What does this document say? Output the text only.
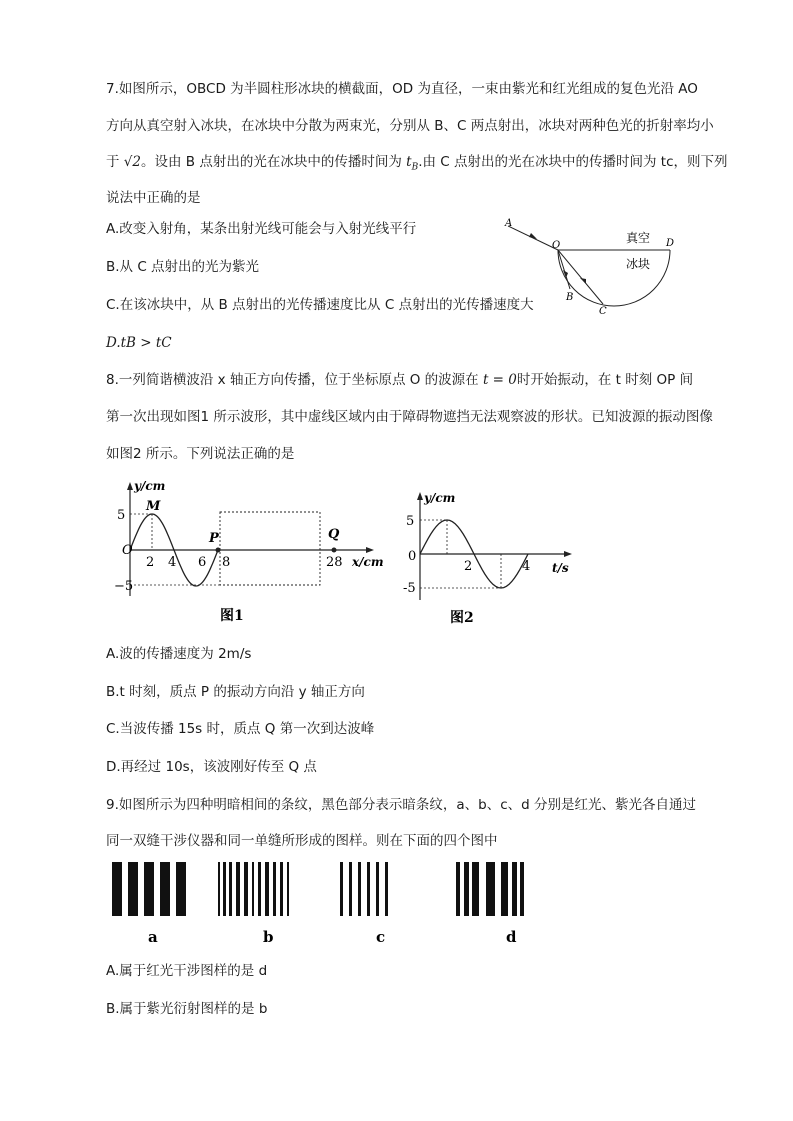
7.如图所示，OBCD 为半圆柱形冰块的横截面，OD 为直径，一束由紫光和红光组成的复色光沿 AO
方向从真空射入冰块，在冰块中分散为两束光，分别从 B、C 两点射出，冰块对两种色光的折射率均小
于 √2。设由 B 点射出的光在冰块中的传播时间为 $t_B$.由 C 点射出的光在冰块中的传播时间为 tc，则下列
说法中正确的是
A.改变入射角，某条出射光线可能会与入射光线平行
B.从 C 点射出的光为紫光
C.在该冰块中，从 B 点射出的光传播速度比从 C 点射出的光传播速度大
D.tB > tC
A
O	D
B
C
真空
冰块
8.一列简谐横波沿 x 轴正方向传播，位于坐标原点 O 的波源在 t = 0时开始振动，在 t 时刻 OP 间
第一次出现如图1 所示波形，其中虚线区域内由于障碍物遮挡无法观察波的形状。已知波源的振动图像
如图2 所示。下列说法正确的是
O
y/cm
x/cm
5
−5
2 4 6 8	28
M
P	Q
图1
y/cm
t/s
5
-5
0
2	4
图2
A.波的传播速度为 2m/s
B.t 时刻，质点 P 的振动方向沿 y 轴正方向
C.当波传播 15s 时，质点 Q 第一次到达波峰
D.再经过 10s，该波刚好传至 Q 点
9.如图所示为四种明暗相间的条纹，黑色部分表示暗条纹，a、b、c、d 分别是红光、紫光各自通过
同一双缝干涉仪器和同一单缝所形成的图样。则在下面的四个图中
a	b	c	d
A.属于红光干涉图样的是 d
B.属于紫光衍射图样的是 b
